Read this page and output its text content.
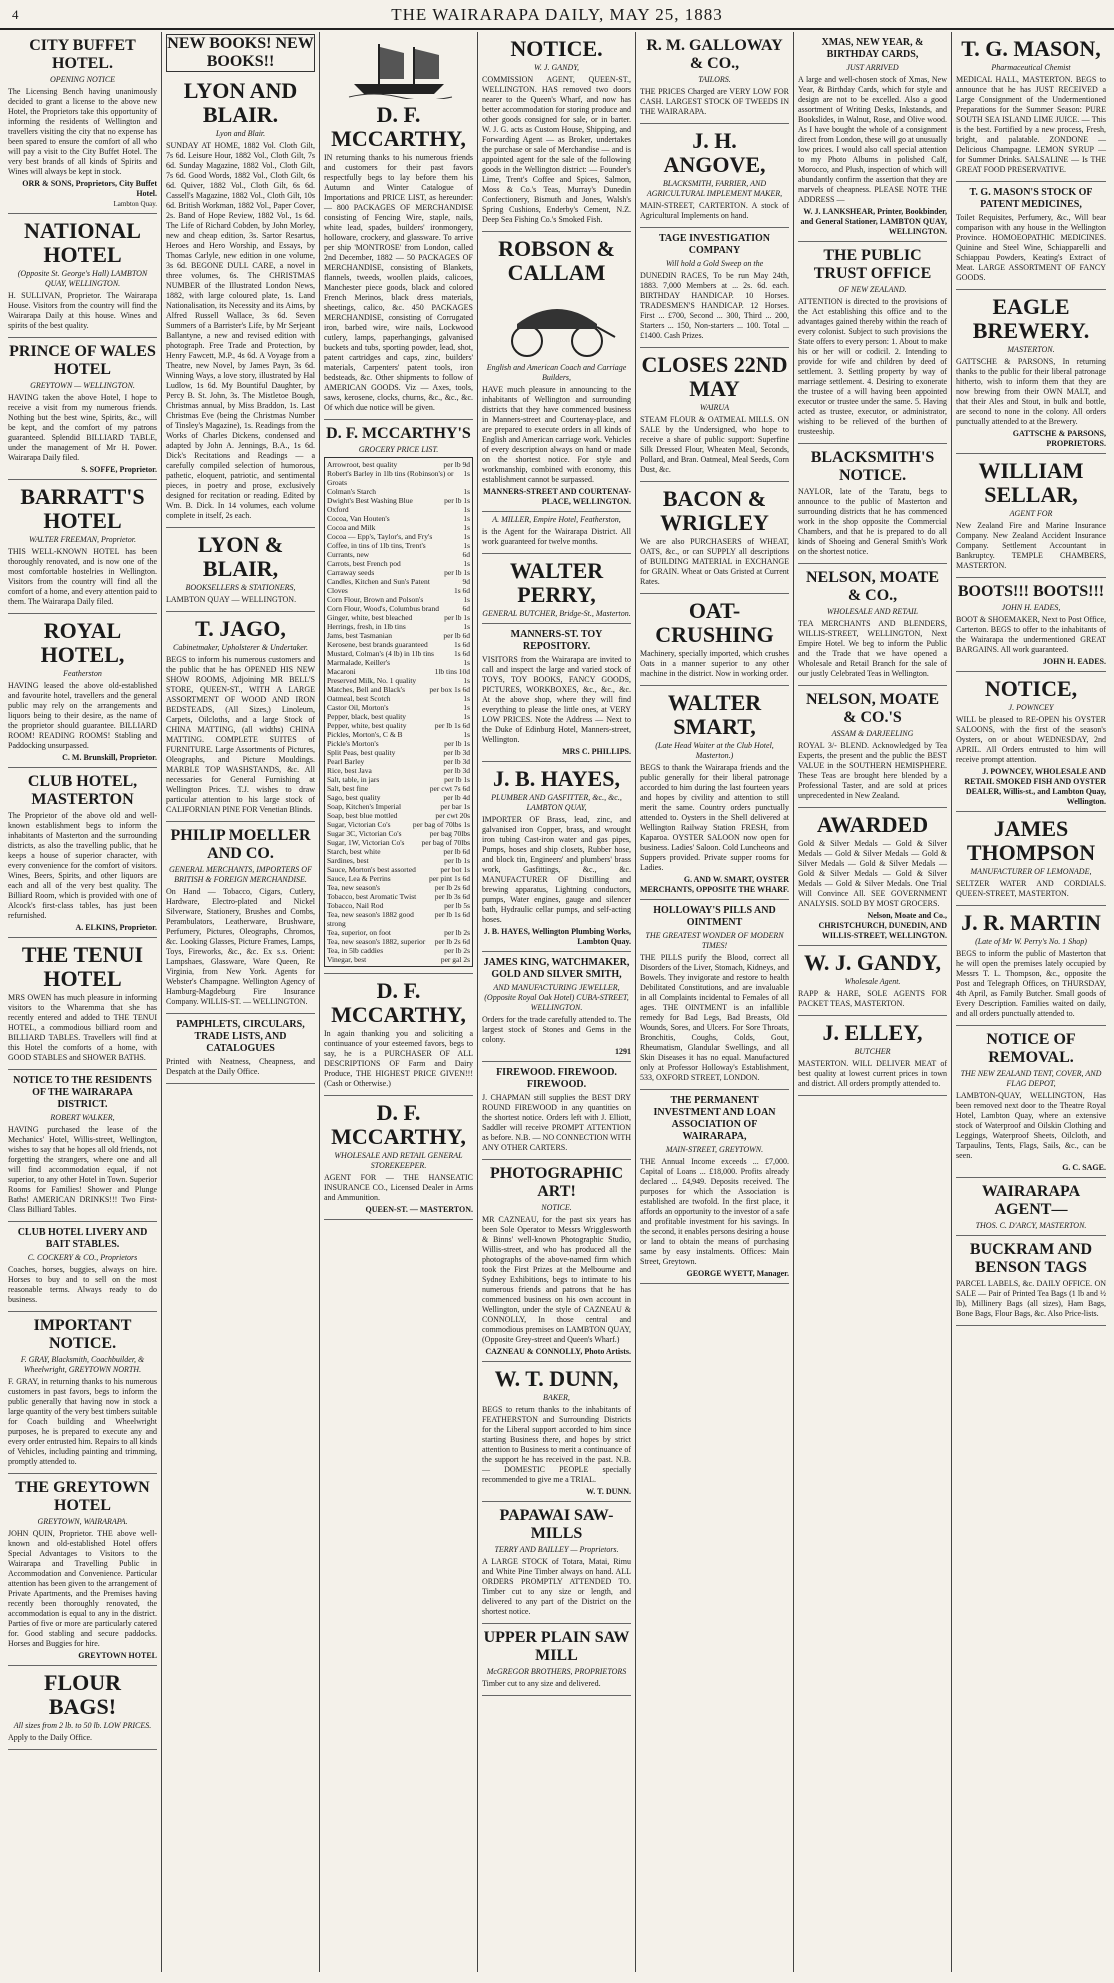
4	THE WAIRARAPA DAILY, MAY 25, 1883
CITY BUFFET HOTEL.
OPENING NOTICE
The Licensing Bench having unanimously decided to grant a license to the above new Hotel, the Proprietors take this opportunity of informing the residents of Wellington and travellers visiting the city that no expense has been spared to ensure the comfort of all who will pay a visit to the City Buffet Hotel. The very best brands of all kinds of Spirits and Wines will always be kept in stock.
ORR & SONS, Proprietors, City Buffet Hotel.
Lambton Quay.
NATIONAL HOTEL
(Opposite St. George's Hall) LAMBTON QUAY, WELLINGTON.
H. SULLIVAN, Proprietor. The Wairarapa House. Visitors from the country will find the Wairarapa Daily at this house. Wines and spirits of the best quality.
PRINCE OF WALES HOTEL
GREYTOWN — WELLINGTON.
HAVING taken the above Hotel, I hope to receive a visit from my numerous friends. Nothing but the best wine, Spirits, &c., will be kept, and the comfort of my patrons guaranteed. Splendid BILLIARD TABLE, under the management of Mr H. Power. Wairarapa Daily filed.
S. SOFFE, Proprietor.
BARRATT'S HOTEL
WALTER FREEMAN, Proprietor.
THIS WELL-KNOWN HOTEL has been thoroughly renovated, and is now one of the most comfortable hostelries in Wellington. Visitors from the country will find all the comfort of a home, and every attention paid to them. The Wairarapa Daily filed.
ROYAL HOTEL,
Featherston
HAVING leased the above old-established and favourite hotel, travellers and the general public may rely on the arrangements and liquors being to their desire, as the name of the proprietor should guarantee. BILLIARD ROOM! READING ROOMS! Stabling and Paddocking unsurpassed.
C. M. Brunskill, Proprietor.
CLUB HOTEL, MASTERTON
The Proprietor of the above old and well-known establishment begs to inform the inhabitants of Masterton and the surrounding districts, as also the travelling public, that he keeps a house of superior character, with every convenience for the comfort of visitors. Wines, Beers, Spirits, and other liquors are each and all of the very best quality. The Billiard Room, which is provided with one of Alcock's first-class tables, has just been refurnished.
A. ELKINS, Proprietor.
THE TENUI HOTEL
MRS OWEN has much pleasure in informing visitors to the Wharemma that she has recently entered and added to THE TENUI HOTEL, a commodious billiard room and BILLIARD TABLES. Travellers will find at this Hotel the comforts of a home, with GOOD STABLES and SHOWER BATHS.
NOTICE TO THE RESIDENTS OF THE WAIRARAPA DISTRICT.
ROBERT WALKER,
HAVING purchased the lease of the Mechanics' Hotel, Willis-street, Wellington, wishes to say that he hopes all old friends, not forgetting the strangers, where one and all will find accommodation equal, if not superior, to any other Hotel in Town. Superior Rooms for Families! Shower and Plunge Baths! AMERICAN DRINKS!!! Two First-Class Billiard Tables.
CLUB HOTEL LIVERY AND BAIT STABLES.
C. COCKERY & CO., Proprietors
Coaches, horses, buggies, always on hire. Horses to buy and to sell on the most reasonable terms. Always ready to do business.
IMPORTANT NOTICE.
F. GRAY, Blacksmith, Coachbuilder, & Wheelwright, GREYTOWN NORTH.
F. GRAY, in returning thanks to his numerous customers in past favors, begs to inform the public generally that having now in stock a large quantity of the very best timbers suitable for Coach building and Wheelwright purposes, he is prepared to execute any and every order entrusted him. Repairs to all kinds of Vehicles, including painting and trimming, promptly attended to.
THE GREYTOWN HOTEL
GREYTOWN, WAIRARAPA.
JOHN QUIN, Proprietor. THE above well-known and old-established Hotel offers Special Advantages to Visitors to the Wairarapa and Travelling Public in Accommodation and Convenience. Particular attention has been given to the arrangement of Private Apartments, and the Premises having recently been thoroughly renovated, the accommodation is equal to any in the district. Parties of five or more are particularly catered for. Good stabling and secure paddocks. Horses and Buggies for hire.
GREYTOWN HOTEL
FLOUR BAGS!
All sizes from 2 lb. to 50 lb. LOW PRICES.
Apply to the Daily Office.
NEW BOOKS! NEW BOOKS!!
LYON AND BLAIR.
Lyon and Blair.
SUNDAY AT HOME, 1882 Vol. Cloth Gilt, 7s 6d. Leisure Hour, 1882 Vol., Cloth Gilt, 7s 6d. Sunday Magazine, 1882 Vol., Cloth Gilt, 7s 6d. Good Words, 1882 Vol., Cloth Gilt, 6s 6d. Quiver, 1882 Vol., Cloth Gilt, 6s 6d. Cassell's Magazine, 1882 Vol., Cloth Gilt, 10s 6d. British Workman, 1882 Vol., Paper Cover, 2s. Band of Hope Review, 1882 Vol., 1s 6d. The Life of Richard Cobden, by John Morley, new and cheap edition, 3s. Sartor Resartus, Heroes and Hero Worship, and Essays, by Thomas Carlyle, new edition in one volume, 3s 6d. BEGONE DULL CARE, a novel in three volumes, 6s. The CHRISTMAS NUMBER of the Illustrated London News, 1882, with large coloured plate, 1s. Land Nationalisation, its Necessity and its Aims, by Alfred Russell Wallace, 3s 6d. Seven Summers of a Barrister's Life, by Mr Serjeant Ballantyne, a new and revised edition with photograph. Free Trade and Protection, by Henry Fawcett, M.P., 4s 6d. A Voyage from a Theatre, new Novel, by James Payn, 3s 6d. Winning Ways, a love story, illustrated by Hal Ludlow, 1s 6d. My Bountiful Daughter, by Percy B. St. John, 3s. The Mistletoe Bough, Christmas annual, by Miss Braddon, 1s. Last Christmas Eve (being the Christmas Number of Tinsley's Magazine), 1s. Readings from the Works of Charles Dickens, condensed and adapted by John A. Jennings, B.A., 1s 6d. Dick's Recitations and Readings — a carefully compiled selection of humorous, pathetic, eloquent, patriotic, and sentimental pieces, in poetry and prose, exclusively designed for recitation or reading. Edited by Wm. B. Dick. In 14 volumes, each volume complete in itself, 2s each.
LYON & BLAIR,
BOOKSELLERS & STATIONERS,
LAMBTON QUAY — WELLINGTON.
T. JAGO,
Cabinetmaker, Upholsterer & Undertaker.
BEGS to inform his numerous customers and the public that he has OPENED HIS NEW SHOW ROOMS, Adjoining MR BELL'S STORE, QUEEN-ST., WITH A LARGE ASSORTMENT OF WOOD AND IRON BEDSTEADS, (All Sizes,) Linoleum, Carpets, Oilcloths, and a large Stock of CHINA MATTING, (all widths) CHINA MATTING. COMPLETE SUITES of FURNITURE. Large Assortments of Pictures, Oleographs, and Picture Mouldings. MARBLE TOP WASHSTANDS, &c. All necessaries for General Furnishing at Wellington Prices. T.J. wishes to draw particular attention to his large stock of CALIFORNIAN PINE FOR Venetian Blinds.
PHILIP MOELLER AND CO.
GENERAL MERCHANTS, IMPORTERS OF BRITISH & FOREIGN MERCHANDISE.
On Hand — Tobacco, Cigars, Cutlery, Hardware, Electro-plated and Nickel Silverware, Stationery, Brushes and Combs, Perambulators, Leatherware, Brushware, Perfumery, Pictures, Oleographs, Chromos, &c. Looking Glasses, Picture Frames, Lamps, Toys, Fireworks, &c., &c. Ex s.s. Orient: Lampshaes, Glassware, Ware Queen, Re Virginia, from New York. Agents for Webster's Champagne. Wellington Agency of Hamburg-Magdeburg Fire Insurance Company. WILLIS-ST. — WELLINGTON.
PAMPHLETS, CIRCULARS, TRADE LISTS, AND CATALOGUES
Printed with Neatness, Cheapness, and Despatch at the Daily Office.
D. F. MCCARTHY,
IN returning thanks to his numerous friends and customers for their past favors respectfully begs to lay before them his Autumn and Winter Catalogue of Importations and PRICE LIST, as hereunder: — 800 PACKAGES OF MERCHANDISE consisting of Fencing Wire, staple, nails, white lead, spades, builders' ironmongery, holloware, crockery, and glassware. To arrive per ship 'MONTROSE' from London, called 2nd December, 1882 — 50 PACKAGES OF MERCHANDISE, consisting of Blankets, flannels, tweeds, woollen plaids, calicoes, Manchester piece goods, black and colored French Merinos, black dress materials, sheetings, calico, &c. 450 PACKAGES MERCHANDISE, consisting of Corrugated iron, barbed wire, wire nails, Lockwood cutlery, lamps, paperhangings, galvanised buckets and tubs, sporting powder, lead, shot, patent cartridges and caps, zinc, builders' materials, Carpenters' patent tools, iron bedsteads, &c. Other shipments to follow of AMERICAN GOODS. Viz — Axes, tools, saws, kerosene, clocks, churns, &c., &c., &c. Of which due notice will be given.
D. F. MCCARTHY'S
GROCERY PRICE LIST.
Arrowroot, best quality	per lb 9d
Robert's Barley in 1lb tins (Robinson's) or Groats
1s
Colman's Starch	1s
Dwight's Best Washing Blue	per lb 1s
Oxford	1s
Cocoa, Van Houten's	1s
Cocoa and Milk	1s
Cocoa — Epp's, Taylor's, and Fry's	1s
Coffee, in tins of 1lb tins, Trent's	1s
Currants, new	6d
Carrots, best French pod	1s
Carraway seeds	per lb 1s
Candles, Kitchen and Sun's Patent	9d
Cloves	1s 6d
Corn Flour, Brown and Polson's	1s
Corn Flour, Wood's, Columbus brand	6d
Ginger, white, best bleached	per lb 1s
Herrings, fresh, in 1lb tins	1s
Jams, best Tasmanian	per lb 6d
Kerosene, best brands guaranteed	1s 6d
Mustard, Colman's (4 lb) in 1lb tins	1s 6d
Marmalade, Keiller's	1s
Macaroni	1lb tins 10d
Preserved Milk, No. 1 quality	1s
Matches, Bell and Black's	per box 1s 6d
Oatmeal, best Scotch	1s
Castor Oil, Morton's	1s
Pepper, black, best quality	1s
Pepper, white, best quality	per lb 1s 6d
Pickles, Morton's, C & B	1s
Pickle's Morton's	per lb 1s
Split Peas, best quality	per lb 3d
Pearl Barley	per lb 3d
Rice, best Java	per lb 3d
Salt, table, in jars	per lb 1s
Salt, best fine	per cwt 7s 6d
Sago, best quality	per lb 4d
Soap, Kitchen's Imperial	per bar 1s
Soap, best blue mottled	per cwt 20s
Sugar, Victorian Co's	per bag of 70lbs 1s
Sugar 3C, Victorian Co's	per bag 70lbs
Sugar, 1W, Victorian Co's	per bag of 70lbs
Starch, best white	per lb 6d
Sardines, best	per lb 1s
Sauce, Morton's best assorted	per bot 1s
Sauce, Lea & Perrins	per pint 1s 6d
Tea, new season's	per lb 2s 6d
Tobacco, best Aromatic Twist	per lb 3s 6d
Tobacco, Nail Rod	per lb 5s
Tea, new season's 1882 good strong
per lb 1s 6d
Tea, superior, on foot	per lb 2s
Tea, new season's 1882, superior	per lb 2s 6d
Tea, in 5lb caddies	per lb 2s
Vinegar, best	per gal 2s
D. F. MCCARTHY,
In again thanking you and soliciting a continuance of your esteemed favors, begs to say, he is a PURCHASER OF ALL DESCRIPTIONS OF Farm and Dairy Produce, THE HIGHEST PRICE GIVEN!!! (Cash or Otherwise.)
D. F. MCCARTHY,
WHOLESALE AND RETAIL GENERAL STOREKEEPER.
AGENT FOR — THE HANSEATIC INSURANCE CO., Licensed Dealer in Arms and Ammunition.
QUEEN-ST. — MASTERTON.
NOTICE.
W. J. GANDY,
COMMISSION AGENT, QUEEN-ST., WELLINGTON. HAS removed two doors nearer to the Queen's Wharf, and now has better accommodation for storing produce and other goods consigned for sale, or in barter. W. J. G. acts as Custom House, Shipping, and Forwarding Agent — as Broker, undertakes the purchase or sale of Merchandise — and is appointed agent for the sale of the following goods in the Wellington district: — Founder's Lime, Trent's Coffee and Spices, Salmon, Moss & Co.'s Teas, Murray's Dunedin Confectionery, Bismuth and Jones, Walsh's Spring Cushions, Enderby's Cement, N.Z. Deep Sea Fishing Co.'s Smoked Fish.
ROBSON & CALLAM
English and American Coach and Carriage Builders,
HAVE much pleasure in announcing to the inhabitants of Wellington and surrounding districts that they have commenced business in Manners-street and Courtenay-place, and are prepared to execute orders in all kinds of English and American carriage work. Vehicles of every description always on hand or made on the shortest notice. For style and workmanship, combined with economy, this establishment cannot be surpassed.
MANNERS-STREET AND COURTENAY-PLACE, WELLINGTON.
A. MILLER, Empire Hotel, Featherston,
is the Agent for the Wairarapa District. All work guaranteed for twelve months.
WALTER PERRY,
GENERAL BUTCHER, Bridge-St., Masterton.
MANNERS-ST. TOY REPOSITORY.
VISITORS from the Wairarapa are invited to call and inspect the large and varied stock of TOYS, TOY BOOKS, FANCY GOODS, PICTURES, WORKBOXES, &c., &c., &c. At the above shop, where they will find everything to please the little ones, at VERY LOW PRICES. Note the Address — Next to the Duke of Edinburg Hotel, Manners-street, Wellington.
MRS C. PHILLIPS.
J. B. HAYES,
PLUMBER AND GASFITTER, &c., &c., LAMBTON QUAY,
IMPORTER OF Brass, lead, zinc, and galvanised iron Copper, brass, and wrought iron tubing Cast-iron water and gas pipes, Pumps, hoses and ship closets, Rubber hose, and block tin, Engineers' and plumbers' brass work, Gasfittings, &c., &c. MANUFACTURER OF Distilling and brewing apparatus, Lightning conductors, pumps, Water engines, gauge and silencer bath, Hydraulic cellar pumps, and self-acting hoses.
J. B. HAYES, Wellington Plumbing Works, Lambton Quay.
JAMES KING, WATCHMAKER, GOLD AND SILVER SMITH,
AND MANUFACTURING JEWELLER, (Opposite Royal Oak Hotel) CUBA-STREET, WELLINGTON.
Orders for the trade carefully attended to. The largest stock of Stones and Gems in the colony.
1291
FIREWOOD. FIREWOOD. FIREWOOD.
J. CHAPMAN still supplies the BEST DRY ROUND FIREWOOD in any quantities on the shortest notice. Orders left with J. Elliott, Saddler will receive PROMPT ATTENTION as before. N.B. — NO CONNECTION WITH ANY OTHER CARTERS.
PHOTOGRAPHIC ART!
NOTICE.
MR CAZNEAU, for the past six years has been Sole Operator to Messrs Wrigglesworth & Binns' well-known Photographic Studio, Willis-street, and who has produced all the photographs of the above-named firm which took the First Prizes at the Melbourne and Sydney Exhibitions, begs to intimate to his numerous friends and patrons that he has commenced business on his own account in Wellington, under the style of CAZNEAU & CONNOLLY, In those central and commodious premises on LAMBTON QUAY, (Opposite Grey-street and Queen's Wharf.)
CAZNEAU & CONNOLLY, Photo Artists.
W. T. DUNN,
BAKER,
BEGS to return thanks to the inhabitants of FEATHERSTON and Surrounding Districts for the Liberal support accorded to him since starting Business there, and hopes by strict attention to Business to merit a continuance of the support he has received in the past. N.B. — DOMESTIC PEOPLE specially recommended to give me a TRIAL.
W. T. DUNN.
PAPAWAI SAW-MILLS
TERRY AND BAILLEY — Proprietors.
A LARGE STOCK of Totara, Matai, Rimu and White Pine Timber always on hand. ALL ORDERS PROMPTLY ATTENDED TO. Timber cut to any size or length, and delivered to any part of the District on the shortest notice.
UPPER PLAIN SAW MILL
McGREGOR BROTHERS, PROPRIETORS
Timber cut to any size and delivered.
R. M. GALLOWAY & CO.,
TAILORS.
THE PRICES Charged are VERY LOW FOR CASH. LARGEST STOCK OF TWEEDS IN THE WAIRARAPA.
J. H. ANGOVE,
BLACKSMITH, FARRIER, AND AGRICULTURAL IMPLEMENT MAKER,
MAIN-STREET, CARTERTON. A stock of Agricultural Implements on hand.
TAGE INVESTIGATION COMPANY
Will hold a Gold Sweep on the
DUNEDIN RACES, To be run May 24th, 1883. 7,000 Members at ... 2s. 6d. each. BIRTHDAY HANDICAP. 10 Horses. TRADESMEN'S HANDICAP. 12 Horses. First ... £700, Second ... 300, Third ... 200, Starters ... 150, Non-starters ... 100. Total ... £1400. Cash Prizes.
CLOSES 22ND MAY
WAIRUA
STEAM FLOUR & OATMEAL MILLS. ON SALE by the Undersigned, who hope to receive a share of public support: Superfine Silk Dressed Flour, Wheaten Meal, Seconds, Pollard, and Bran. Oatmeal, Meal Seeds, Corn Dust, &c.
BACON & WRIGLEY
We are also PURCHASERS of WHEAT, OATS, &c., or can SUPPLY all descriptions of BUILDING MATERIAL in EXCHANGE for GRAIN. Wheat or Oats Gristed at Current Rates.
OAT-CRUSHING
Machinery, specially imported, which crushes Oats in a manner superior to any other machine in the district. Now in working order.
WALTER SMART,
(Late Head Waiter at the Club Hotel, Masterton.)
BEGS to thank the Wairarapa friends and the public generally for their liberal patronage accorded to him during the last fourteen years and hopes by civility and attention to still merit the same. Country orders punctually attended to. Oysters in the Shell delivered at Wellington Railway Station FRESH, from Kaparoa. OYSTER SALOON now open for business. Ladies' Saloon. Cold Luncheons and Suppers provided. Private supper rooms for Ladies.
G. AND W. SMART, OYSTER MERCHANTS, OPPOSITE THE WHARF.
HOLLOWAY'S PILLS AND OINTMENT
THE GREATEST WONDER OF MODERN TIMES!
THE PILLS purify the Blood, correct all Disorders of the Liver, Stomach, Kidneys, and Bowels. They invigorate and restore to health Debilitated Constitutions, and are invaluable in all Complaints incidental to Females of all ages. THE OINTMENT is an infallible remedy for Bad Legs, Bad Breasts, Old Wounds, Sores, and Ulcers. For Sore Throats, Bronchitis, Coughs, Colds, Gout, Rheumatism, Glandular Swellings, and all Skin Diseases it has no equal. Manufactured only at Professor Holloway's Establishment, 533, OXFORD STREET, LONDON.
THE PERMANENT INVESTMENT AND LOAN ASSOCIATION OF WAIRARAPA,
MAIN-STREET, GREYTOWN.
THE Annual Income exceeds ... £7,000. Capital of Loans ... £18,000. Profits already declared ... £4,949. Deposits received. The purposes for which the Association is established are twofold. In the first place, it affords an opportunity to the investor of a safe and profitable investment for his savings. In the second, it enables persons desiring a house or land to obtain the means of purchasing same by easy instalments. Offices: Main Street, Greytown.
GEORGE WYETT, Manager.
XMAS, NEW YEAR, & BIRTHDAY CARDS,
JUST ARRIVED
A large and well-chosen stock of Xmas, New Year, & Birthday Cards, which for style and design are not to be excelled. Also a good assortment of Writing Desks, Inkstands, and Bookslides, in Walnut, Rose, and Olive wood. As I have bought the whole of a consignment direct from London, these will go at unusually low prices. I would also call special attention to my Photo Albums in polished Calf, Morocco, and Plush, inspection of which will abundantly confirm the assertion that they are marvels of cheapness. PLEASE NOTE THE ADDRESS —
W. J. LANKSHEAR, Printer, Bookbinder, and General Stationer, LAMBTON QUAY, WELLINGTON.
THE PUBLIC TRUST OFFICE
OF NEW ZEALAND.
ATTENTION is directed to the provisions of the Act establishing this office and to the advantages gained thereby within the reach of every colonist. Subject to such provisions the State offers to every person: 1. About to make his or her will or codicil. 2. Intending to provide for wife and children by deed of settlement. 3. Settling property by way of marriage settlement. 4. Desiring to exonerate the trustee of a will having been appointed executor or trustee under the same. 5. Having acted as trustee, executor, or administrator, wishing to be relieved of the burthen of trusteeship.
BLACKSMITH'S NOTICE.
NAYLOR, late of the Taratu, begs to announce to the public of Masterton and surrounding districts that he has commenced work in the shop opposite the Commercial Chambers, and that he is prepared to do all kinds of Shoeing and General Smith's Work on the shortest notice.
NELSON, MOATE & CO.,
WHOLESALE AND RETAIL
TEA MERCHANTS AND BLENDERS, WILLIS-STREET, WELLINGTON, Next Empire Hotel. We beg to inform the Public and the Trade that we have opened a Wholesale and Retail Branch for the sale of our justly Celebrated Teas in Wellington.
NELSON, MOATE & CO.'S
ASSAM & DARJEELING
ROYAL 3/- BLEND. Acknowledged by Tea Experts, the present and the public the BEST VALUE in the SOUTHERN HEMISPHERE. These Teas are brought here blended by a Professional Taster, and are sold at prices unprecedented in New Zealand.
AWARDED
Gold & Silver Medals — Gold & Silver Medals — Gold & Silver Medals — Gold & Silver Medals — Gold & Silver Medals — Gold & Silver Medals — Gold & Silver Medals — Gold & Silver Medals. One Trial Will Convince All. SEE GOVERNMENT ANALYSIS. SOLD BY MOST GROCERS.
Nelson, Moate and Co., CHRISTCHURCH, DUNEDIN, AND WILLIS-STREET, WELLINGTON.
W. J. GANDY,
Wholesale Agent.
RAPP & HARE, SOLE AGENTS FOR PACKET TEAS, MASTERTON.
J. ELLEY,
BUTCHER
MASTERTON. WILL DELIVER MEAT of best quality at lowest current prices in town and district. All orders promptly attended to.
T. G. MASON,
Pharmaceutical Chemist
MEDICAL HALL, MASTERTON. BEGS to announce that he has JUST RECEIVED a Large Consignment of the Undermentioned Preparations for the Summer Season: PURE SOUTH SEA ISLAND LIME JUICE. — This is the best. Fortified by a new process, Fresh, bright, and palatable. ZONDONE — Delicious Champagne. LEMON SYRUP — for Summer Drinks. SALSALINE — Is THE GREAT FOOD PRESERVATIVE.
T. G. MASON'S STOCK OF PATENT MEDICINES,
Toilet Requisites, Perfumery, &c., Will bear comparison with any house in the Wellington Province. HOMOEOPATHIC MEDICINES. Quinine and Steel Wine, Schiapparelli and Schiappau Powders, Keating's Extract of Meat. LARGE ASSORTMENT OF FANCY GOODS.
EAGLE BREWERY.
MASTERTON.
GATTSCHE & PARSONS, In returning thanks to the public for their liberal patronage hitherto, wish to inform them that they are now brewing from their OWN MALT, and that their Ales and Stout, in bulk and bottle, are second to none in the colony. All orders punctually attended to at the Brewery.
GATTSCHE & PARSONS, PROPRIETORS.
WILLIAM SELLAR,
AGENT FOR
New Zealand Fire and Marine Insurance Company. New Zealand Accident Insurance Company. Settlement Accountant in Bankruptcy. TEMPLE CHAMBERS, MASTERTON.
BOOTS!!! BOOTS!!!
JOHN H. EADES,
BOOT & SHOEMAKER, Next to Post Office, Carterton. BEGS to offer to the inhabitants of the Wairarapa the undermentioned GREAT BARGAINS. All work guaranteed.
JOHN H. EADES.
NOTICE,
J. POWNCEY
WILL be pleased to RE-OPEN his OYSTER SALOONS, with the first of the season's Oysters, on or about WEDNESDAY, 2nd APRIL. All Orders entrusted to him will receive prompt attention.
J. POWNCEY, WHOLESALE AND RETAIL SMOKED FISH AND OYSTER DEALER, Willis-st., and Lambton Quay, Wellington.
JAMES THOMPSON
MANUFACTURER OF LEMONADE,
SELTZER WATER AND CORDIALS. QUEEN-STREET, MASTERTON.
J. R. MARTIN
(Late of Mr W. Perry's No. 1 Shop)
BEGS to inform the public of Masterton that he will open the premises lately occupied by Messrs T. L. Thompson, &c., opposite the Post and Telegraph Offices, on THURSDAY, 4th April, as Family Butcher. Small goods of Every Description. Families waited on daily, and all orders punctually attended to.
NOTICE OF REMOVAL.
THE NEW ZEALAND TENT, COVER, AND FLAG DEPOT,
LAMBTON-QUAY, WELLINGTON, Has been removed next door to the Theatre Royal Hotel, Lambton Quay, where an extensive stock of Waterproof and Oilskin Clothing and Leggings, Waterproof Sheets, Oilcloth, and Tarpaulins, Tents, Flags, Sails, &c., can be seen.
G. C. SAGE.
WAIRARAPA AGENT—
THOS. C. D'ARCY, MASTERTON.
BUCKRAM AND BENSON TAGS
PARCEL LABELS, &c. DAILY OFFICE. ON SALE — Pair of Printed Tea Bags (1 lb and ½ lb), Millinery Bags (all sizes), Ham Bags, Bone Bags, Flour Bags, &c. Also Price-lists.
